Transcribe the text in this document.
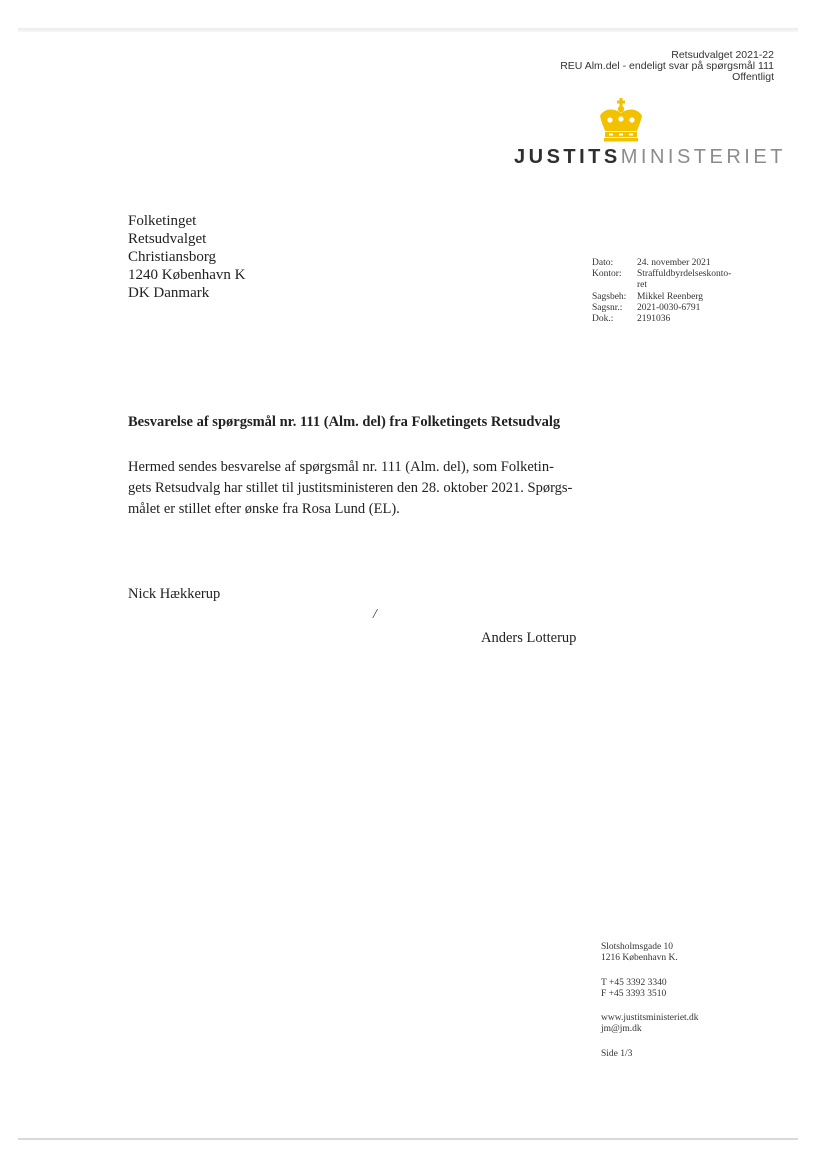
Retsudvalget 2021-22
REU Alm.del - endeligt svar på spørgsmål 111
Offentligt
JUSTITSMINISTERIET
Folketinget
Retsudvalget
Christiansborg
1240 København K
DK Danmark
Dato:	24. november 2021
Kontor:	Straffuldbyrdelseskonto-
ret
Sagsbeh:	Mikkel Reenberg
Sagsnr.:	2021-0030-6791
Dok.:	2191036
Besvarelse af spørgsmål nr. 111 (Alm. del) fra Folketingets Retsudvalg
Hermed sendes besvarelse af spørgsmål nr. 111 (Alm. del), som Folketin-
gets Retsudvalg har stillet til justitsministeren den 28. oktober 2021. Spørgs-
målet er stillet efter ønske fra Rosa Lund (EL).
Nick Hækkerup
/
Anders Lotterup
Slotsholmsgade 10
1216 København K.
T +45 3392 3340
F +45 3393 3510
www.justitsministeriet.dk
jm@jm.dk
Side 1/3
